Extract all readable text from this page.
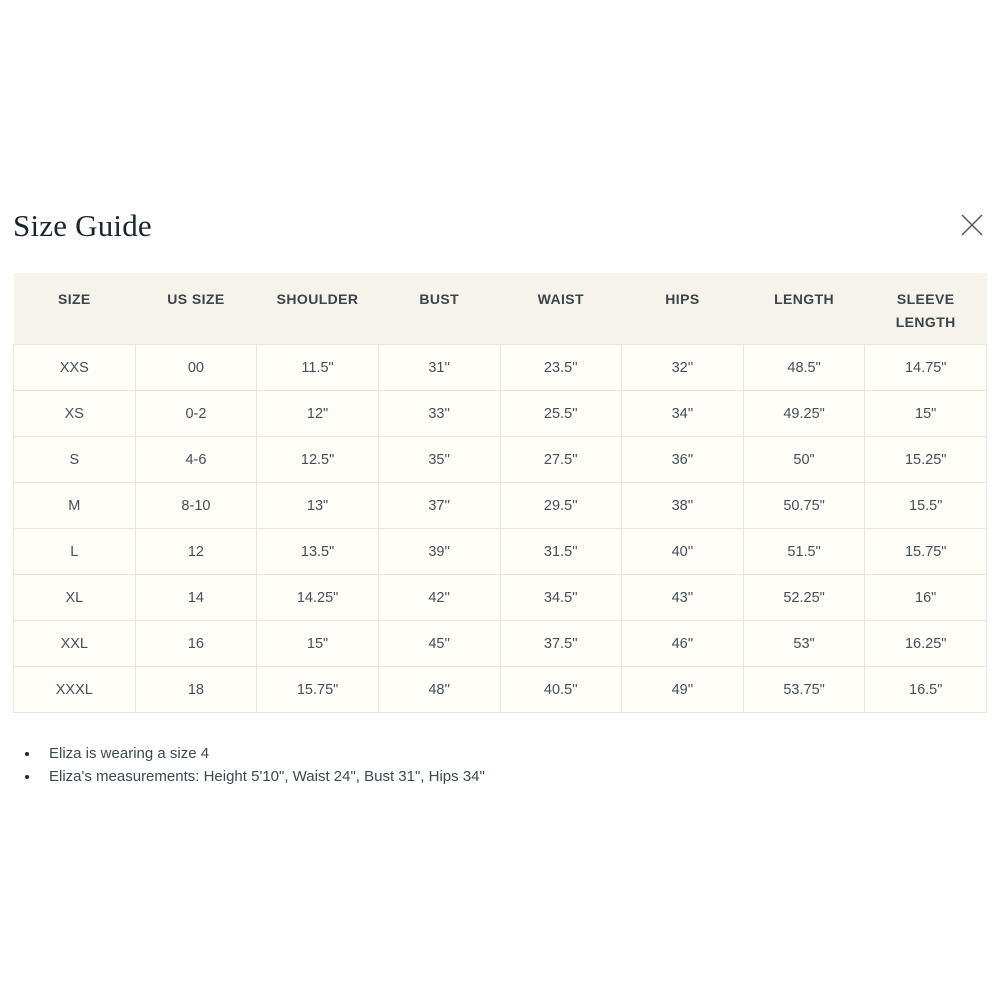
Size Guide
SIZE	US SIZE	SHOULDER	BUST	WAIST	HIPS	LENGTH	SLEEVE LENGTH
XXS	00	11.5"	31''	23.5''	32''	48.5"	14.75"
XS	0-2	12"	33''	25.5''	34''	49.25"	15"
S	4-6	12.5"	35''	27.5''	36''	50"	15.25"
M	8-10	13"	37''	29.5''	38''	50.75"	15.5"
L	12	13.5"	39''	31.5''	40''	51.5"	15.75"
XL	14	14.25"	42''	34.5''	43''	52.25"	16"
XXL	16	15"	45''	37.5''	46''	53"	16.25"
XXXL	18	15.75"	48''	40.5''	49''	53.75"	16.5"
• Eliza is wearing a size 4
• Eliza's measurements: Height 5'10", Waist 24", Bust 31", Hips 34"
